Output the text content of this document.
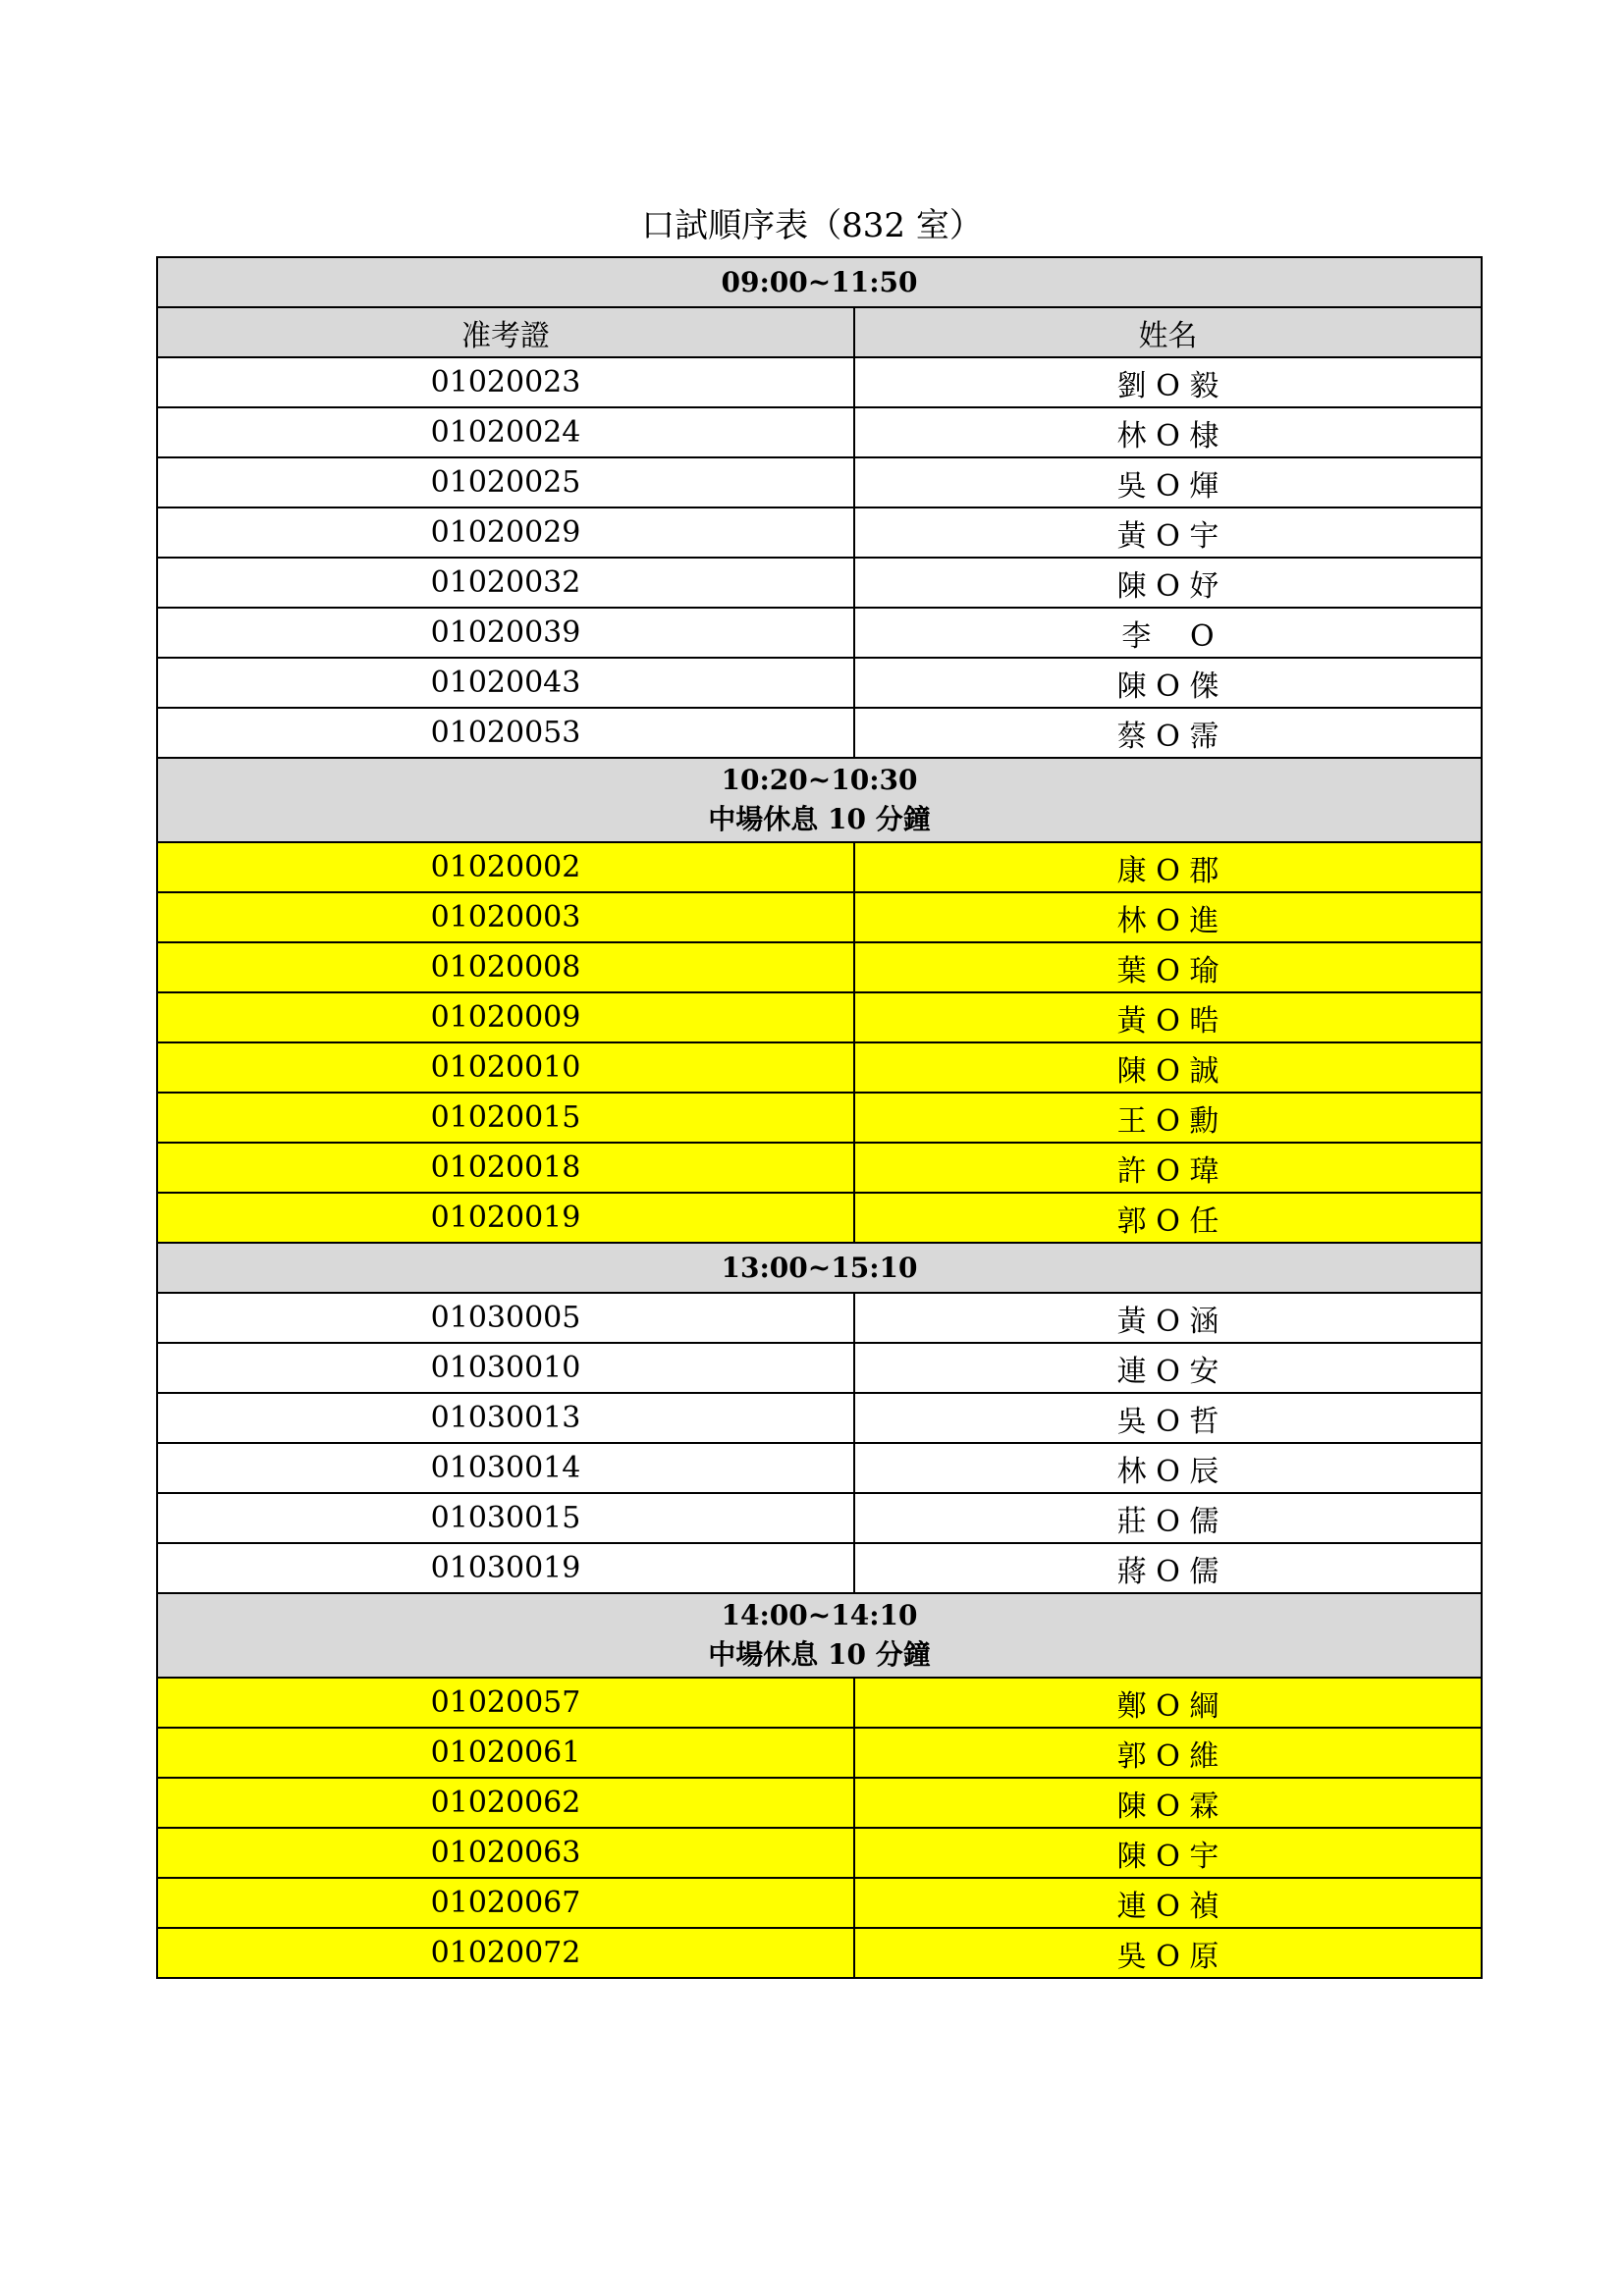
口試順序表（832 室）
09:00~11:50	
准考證	姓名
01020023	劉 O 毅
01020024	林 O 棣
01020025	吳 O 煇
01020029	黃 O 宇
01020032	陳 O 妤
01020039	李　 O
01020043	陳 O 傑
01020053	蔡 O 霈

10:20~10:30
中場休息 10 分鐘	

01020002	康 O 郡
01020003	林 O 進
01020008	葉 O 瑜
01020009	黃 O 晧
01020010	陳 O 誠
01020015	王 O 勳
01020018	許 O 瑋
01020019	郭 O 任
13:00~15:10	
01030005	黃 O 涵
01030010	連 O 安
01030013	吳 O 哲
01030014	林 O 辰
01030015	莊 O 儒
01030019	蔣 O 儒

14:00~14:10
中場休息 10 分鐘	

01020057	鄭 O 綱
01020061	郭 O 維
01020062	陳 O 霖
01020063	陳 O 宇
01020067	連 O 禎
01020072	吳 O 原
